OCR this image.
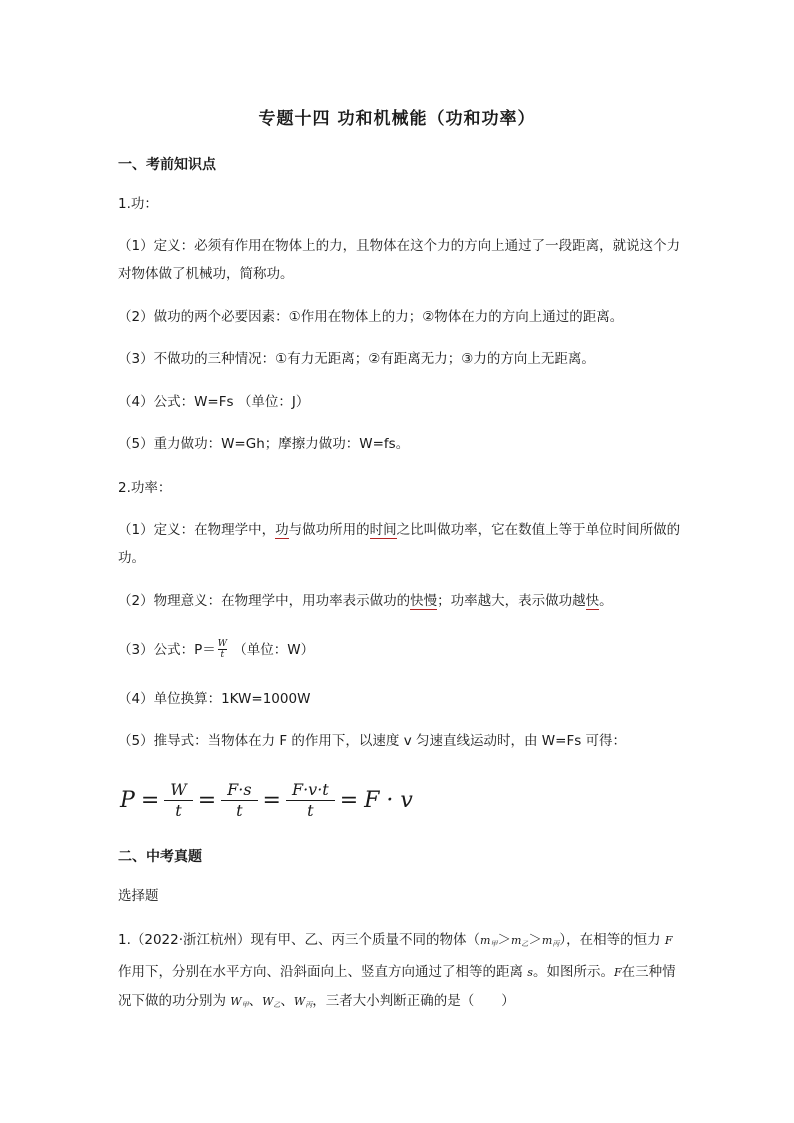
专题十四 功和机械能（功和功率）
一、考前知识点
1.功：
（1）定义：必须有作用在物体上的力，且物体在这个力的方向上通过了一段距离，就说这个力对物体做了机械功，简称功。
（2）做功的两个必要因素：①作用在物体上的力；②物体在力的方向上通过的距离。
（3）不做功的三种情况：①有力无距离；②有距离无力；③力的方向上无距离。
（4）公式：W=Fs （单位：J）
（5）重力做功：W=Gh；摩擦力做功：W=fs。
2.功率：
（1）定义：在物理学中，功与做功所用的时间之比叫做功率，它在数值上等于单位时间所做的功。
（2）物理意义：在物理学中，用功率表示做功的快慢；功率越大，表示做功越快。
（3）公式：$P= \frac{W}{t}$ （单位：W）
（4）单位换算：1KW=1000W
（5）推导式：当物体在力 F 的作用下，以速度 v 匀速直线运动时，由 W=Fs 可得：
$P = \frac{W}{t} = \frac{F\cdot s}{t} = \frac{F\cdot v\cdot t}{t} = F \cdot v$
二、中考真题
选择题
1.（2022·浙江杭州）现有甲、乙、丙三个质量不同的物体$(m_甲>m_乙>m_丙)$，在相等的恒力 F作用下，分别在水平方向、沿斜面向上、竖直方向通过了相等的距离 s。如图所示。F在三种情况下做的功分别为 $W_甲$、$W_乙$、$W_丙$，三者大小判断正确的是（　　）
